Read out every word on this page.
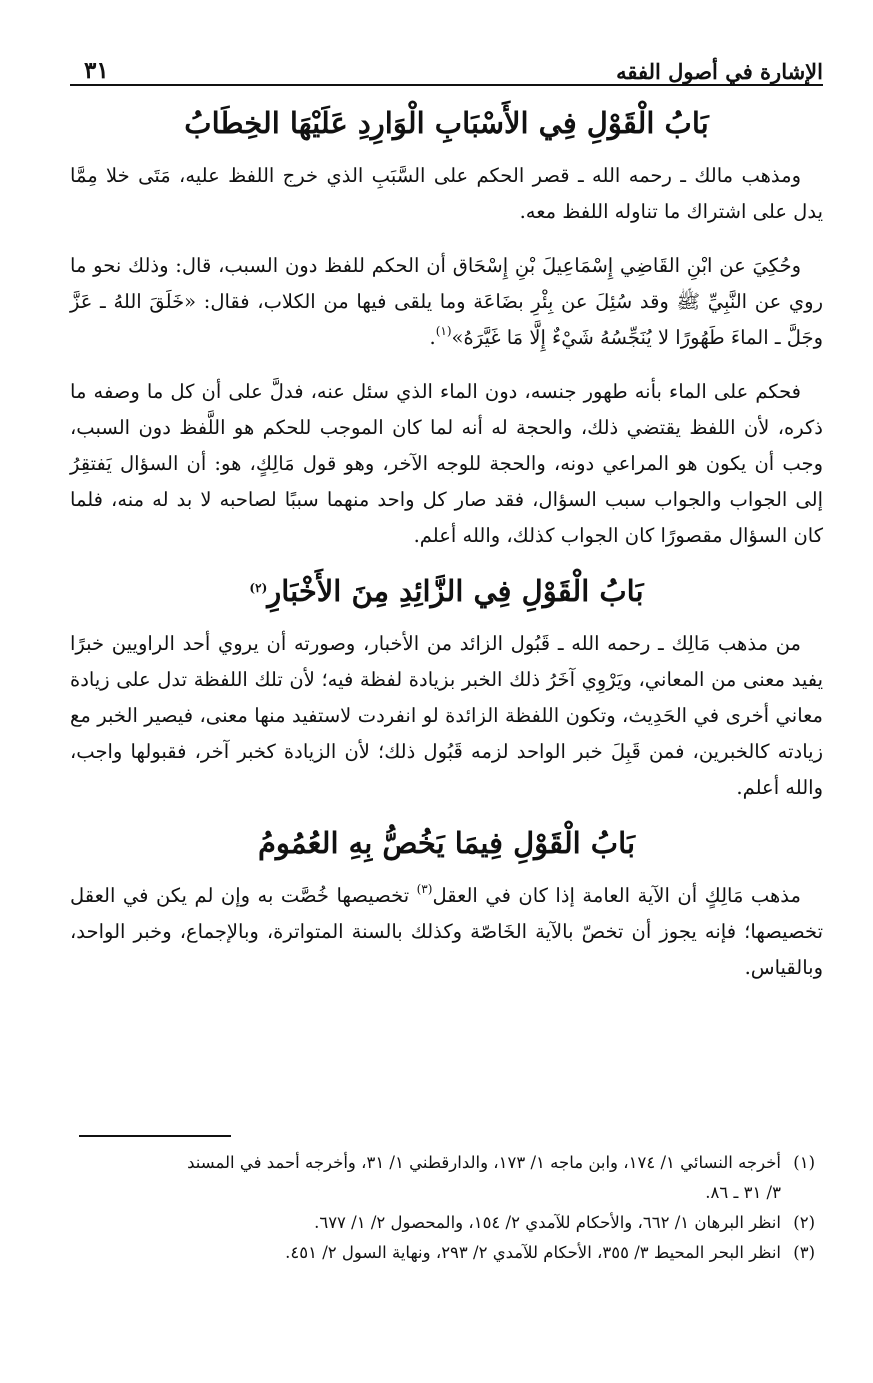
الإشارة في أصول الفقه
٣١
بَابُ الْقَوْلِ فِي الأَسْبَابِ الْوَارِدِ عَلَيْهَا الخِطَابُ

ومذهب مالك ـ رحمه الله ـ قصر الحكم على السَّبَبِ الذي خرج اللفظ عليه، مَتَى خلا مِمَّا يدل على اشتراك ما تناوله اللفظ معه.

وحُكِيَ عن ابْنِ القَاضِي إِسْمَاعِيلَ بْنِ إِسْحَاق أن الحكم للفظ دون السبب، قال: وذلك نحو ما روي عن النَّبِيِّ ﷺ وقد سُئِلَ عن بِئْرِ بضَاعَة وما يلقى فيها من الكلاب، فقال: «خَلَقَ اللهُ ـ عَزَّ وجَلَّ ـ الماءَ طَهُورًا لا يُنَجِّسُهُ شَيْءٌ إِلَّا مَا غَيَّرَهُ»$^{(١)}$.

فحكم على الماء بأنه طهور جنسه، دون الماء الذي سئل عنه، فدلَّ على أن كل ما وصفه ما ذكره، لأن اللفظ يقتضي ذلك، والحجة له أنه لما كان الموجب للحكم هو اللَّفظ دون السبب، وجب أن يكون هو المراعي دونه، والحجة للوجه الآخر، وهو قول مَالِكٍ، هو: أن السؤال يَفتقِرُ إلى الجواب والجواب سبب السؤال، فقد صار كل واحد منهما سببًا لصاحبه لا بد له منه، فلما كان السؤال مقصورًا كان الجواب كذلك، والله أعلم.

بَابُ الْقَوْلِ فِي الزَّائِدِ مِنَ الأَخْبَارِ$^{(٢)}$

من مذهب مَالِك ـ رحمه الله ـ قَبُول الزائد من الأخبار، وصورته أن يروي أحد الراويين خبرًا يفيد معنى من المعاني، ويَرْوِي آخَرُ ذلك الخبر بزيادة لفظة فيه؛ لأن تلك اللفظة تدل على زيادة معاني أخرى في الحَدِيث، وتكون اللفظة الزائدة لو انفردت لاستفيد منها معنى، فيصير الخبر مع زيادته كالخبرين، فمن قَبِلَ خبر الواحد لزمه قَبُول ذلك؛ لأن الزيادة كخبر آخر، فقبولها واجب، والله أعلم.

بَابُ الْقَوْلِ فِيمَا يَخُصُّ بِهِ العُمُومُ

مذهب مَالِكٍ أن الآية العامة إذا كان في العقل$^{(٣)}$ تخصيصها خُصَّت به وإن لم يكن في العقل تخصيصها؛ فإنه يجوز أن تخصّ بالآية الخَاصّة وكذلك بالسنة المتواترة، وبالإجماع، وخبر الواحد، وبالقياس.

(١)أخرجه النسائي ١/ ١٧٤، وابن ماجه ١/ ١٧٣، والدارقطني ١/ ٣١، وأخرجه أحمد في المسند

٣/ ٣١ ـ ٨٦.

(٢)انظر البرهان ١/ ٦٦٢، والأحكام للآمدي ٢/ ١٥٤، والمحصول ٢/ ١/ ٦٧٧.

(٣)انظر البحر المحيط ٣/ ٣٥٥، الأحكام للآمدي ٢/ ٢٩٣، ونهاية السول ٢/ ٤٥١.
